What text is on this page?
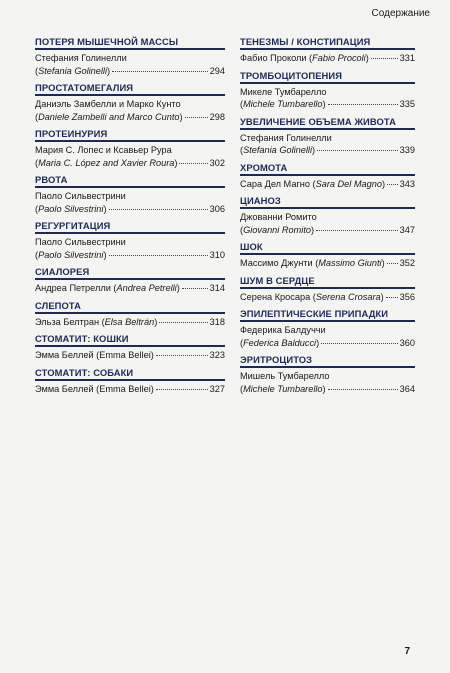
Содержание
ПОТЕРЯ МЫШЕЧНОЙ МАССЫ
Стефания Голинелли
(Stefania Golinelli)	294
ПРОСТАТОМЕГАЛИЯ
Даниэль Замбелли и Марко Кунто
(Daniele Zambelli and Marco Cunto)	298
ПРОТЕИНУРИЯ
Мария С. Лопес и Ксавьер Рура
(Maria C. López and Xavier Roura)	302
РВОТА
Паоло Сильвестрини
(Paolo Silvestrini)	306
РЕГУРГИТАЦИЯ
Паоло Сильвестрини
(Paolo Silvestrini)	310
СИАЛОРЕЯ
Андреа Петрелли (Andrea Petrelli)	314
СЛЕПОТА
Эльза Белтран (Elsa Beltrán)	318
СТОМАТИТ: КОШКИ
Эмма Беллей (Emma Bellei)	323
СТОМАТИТ: СОБАКИ
Эмма Беллей (Emma Bellei)	327
ТЕНЕЗМЫ / КОНСТИПАЦИЯ
Фабио Проколи (Fabio Procoli)	331
ТРОМБОЦИТОПЕНИЯ
Микеле Тумбарелло
(Michele Tumbarello)	335
УВЕЛИЧЕНИЕ ОБЪЕМА ЖИВОТА
Стефания Голинелли
(Stefania Golinelli)	339
ХРОМОТА
Сара Дел Магно (Sara Del Magno) 343
ЦИАНОЗ
Джованни Ромито
(Giovanni Romito)	347
ШОК
Массимо Джунти (Massimo Giunti) 352
ШУМ В СЕРДЦЕ
Серена Кросара (Serena Crosara) 356
ЭПИЛЕПТИЧЕСКИЕ ПРИПАДКИ
Федерика Балдуччи
(Federica Balducci)	360
ЭРИТРОЦИТОЗ
Мишель Тумбарелло
(Michele Tumbarello)	364
7
